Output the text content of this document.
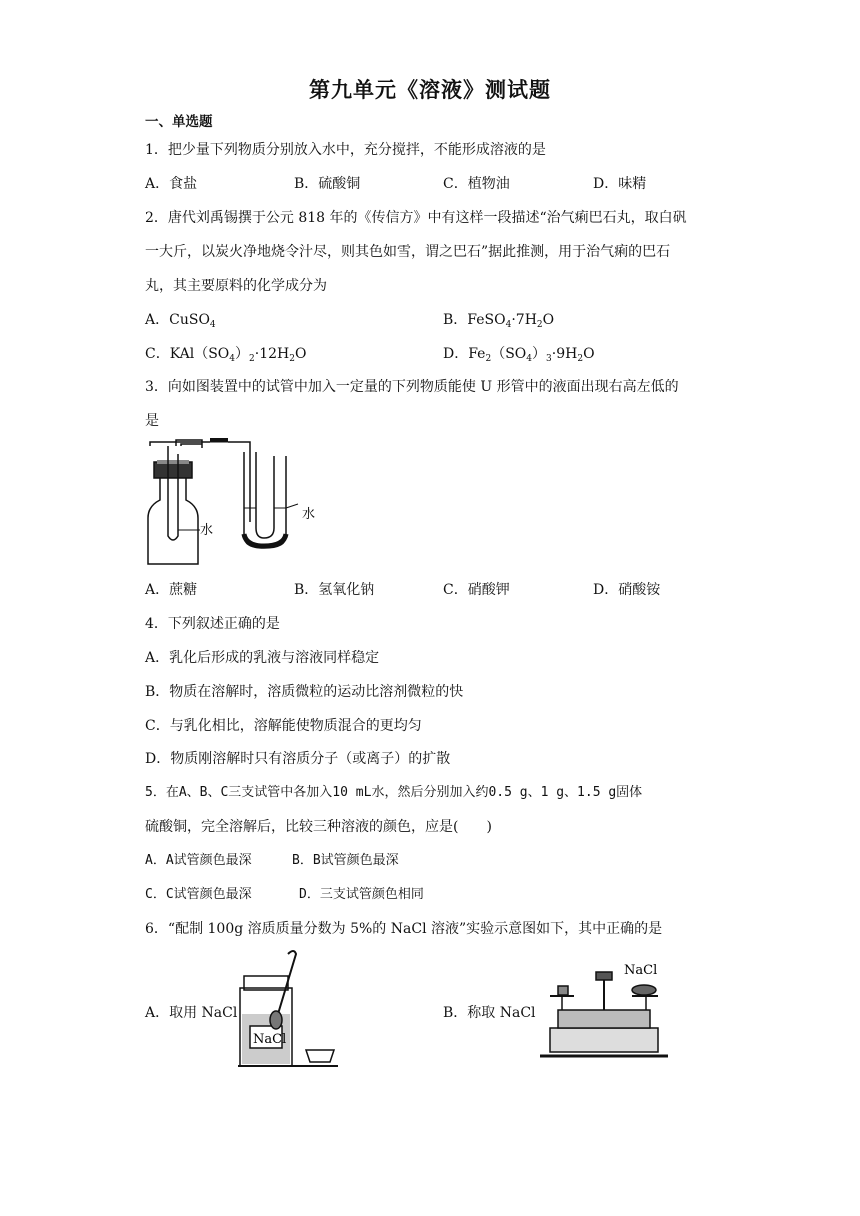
第九单元《溶液》测试题
一、单选题
1．把少量下列物质分别放入水中，充分搅拌，不能形成溶液的是
A．食盐	B．硫酸铜	C．植物油	D．味精
2．唐代刘禹锡撰于公元 818 年的《传信方》中有这样一段描述“治气痢巴石丸，取白矾
一大斤，以炭火净地烧令汁尽，则其色如雪，谓之巴石”据此推测，用于治气痢的巴石
丸，其主要原料的化学成分为
A．CuSO$_4$	B．$FeSO_4\cdot 7H_2O$
C．$KAl(SO_4)_2\cdot 12H_2O$	D．$Fe_2(SO_4)_3\cdot 9H_2O$
3．向如图装置中的试管中加入一定量的下列物质能使 U 形管中的液面出现右高左低的
是
水
水
A．蔗糖	B．氢氧化钠	C．硝酸钾	D．硝酸铵
4．下列叙述正确的是
A．乳化后形成的乳液与溶液同样稳定
B．物质在溶解时，溶质微粒的运动比溶剂微粒的快
C．与乳化相比，溶解能使物质混合的更均匀
D．物质刚溶解时只有溶质分子（或离子）的扩散
5．在A、B、C三支试管中各加入10 mL水，然后分别加入约0.5 g、1 g、1.5 g固体
硫酸铜，完全溶解后，比较三种溶液的颜色，应是(　　)
A．A试管颜色最深	B．B试管颜色最深
C．C试管颜色最深	D．三支试管颜色相同
6．“配制 100g 溶质质量分数为 5%的 NaCl 溶液”实验示意图如下，其中正确的是
A．取用 NaCl
NaCl
B．称取 NaCl
NaCl
